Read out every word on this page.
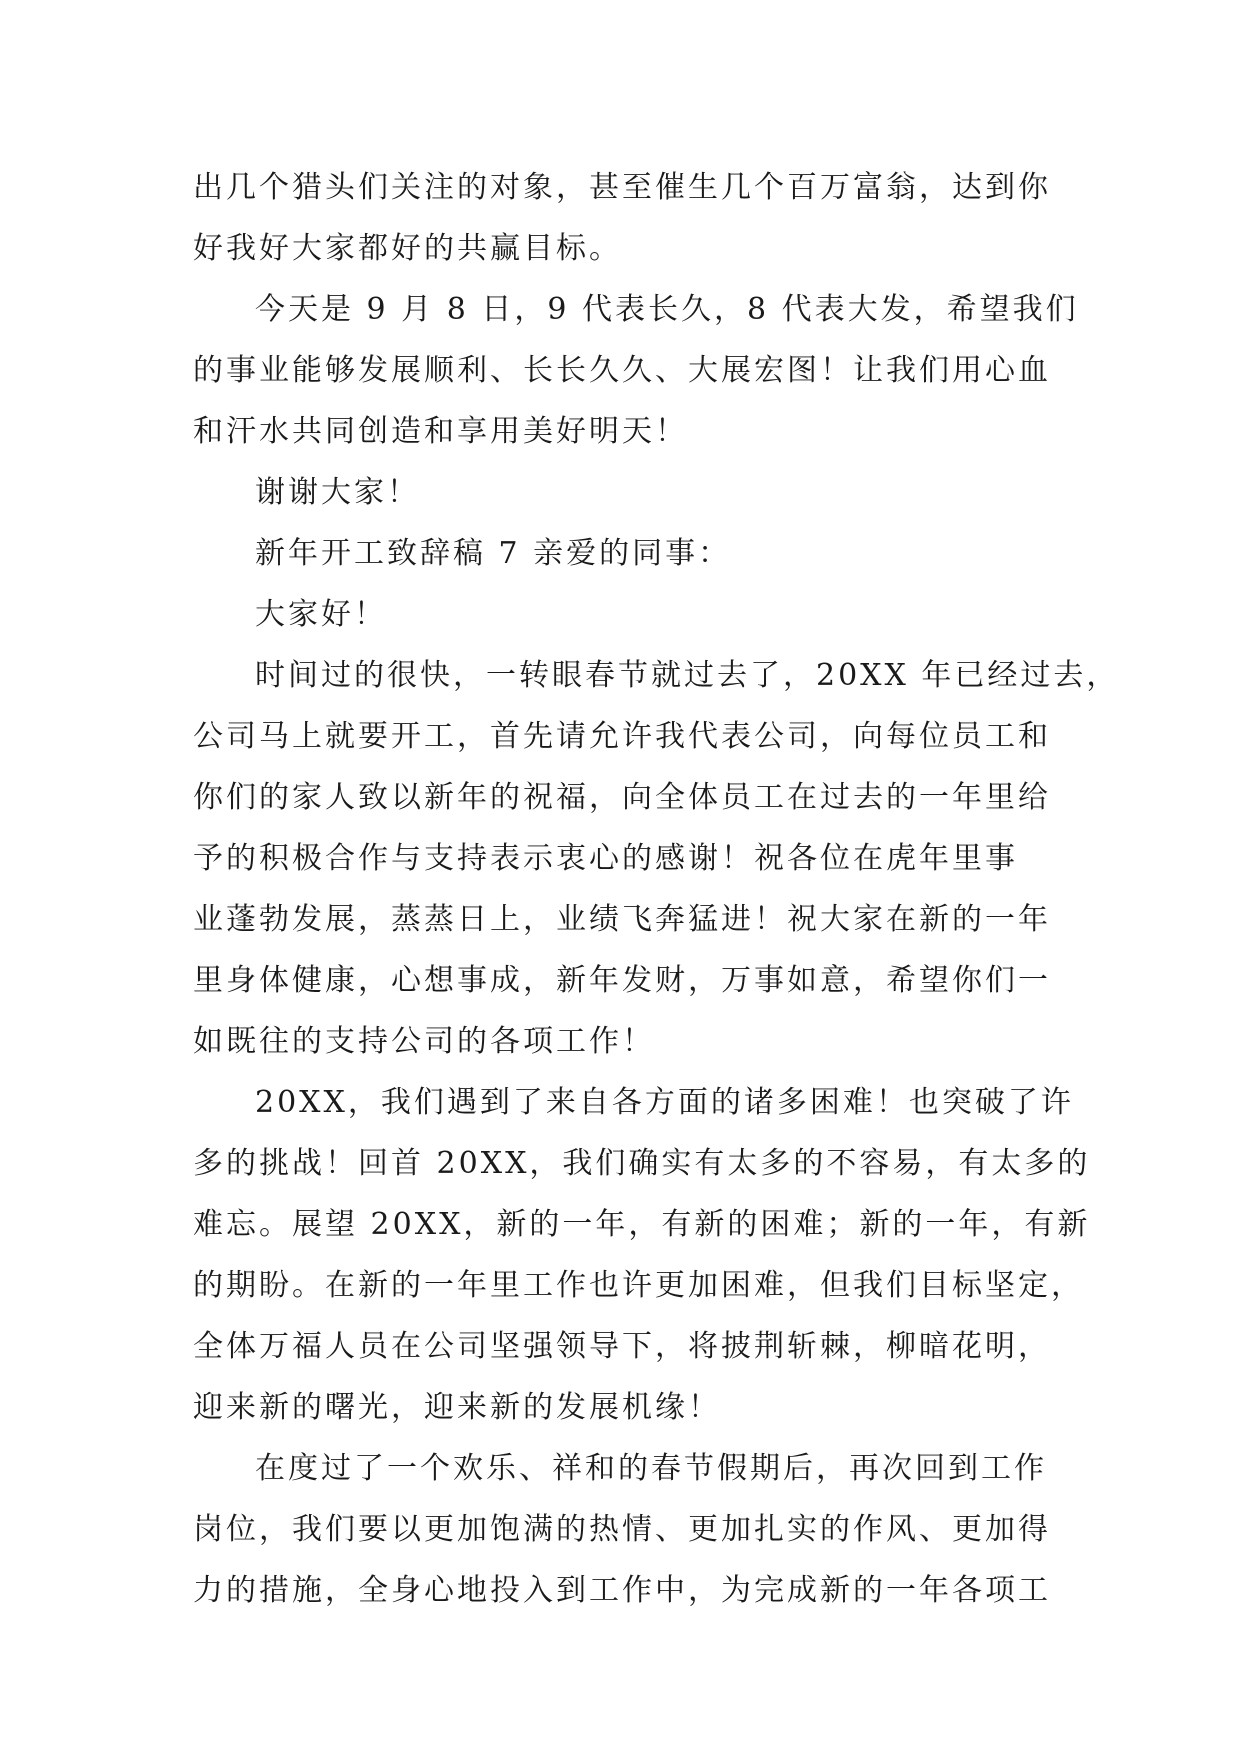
出几个猎头们关注的对象，甚至催生几个百万富翁，达到你
好我好大家都好的共赢目标。
今天是 9 月 8 日，9 代表长久，8 代表大发，希望我们
的事业能够发展顺利、长长久久、大展宏图！让我们用心血
和汗水共同创造和享用美好明天！
谢谢大家！
新年开工致辞稿 7 亲爱的同事：
大家好！
时间过的很快，一转眼春节就过去了，20XX 年已经过去，
公司马上就要开工，首先请允许我代表公司，向每位员工和
你们的家人致以新年的祝福，向全体员工在过去的一年里给
予的积极合作与支持表示衷心的感谢！祝各位在虎年里事
业蓬勃发展，蒸蒸日上，业绩飞奔猛进！祝大家在新的一年
里身体健康，心想事成，新年发财，万事如意，希望你们一
如既往的支持公司的各项工作！
20XX，我们遇到了来自各方面的诸多困难！也突破了许
多的挑战！回首 20XX，我们确实有太多的不容易，有太多的
难忘。展望 20XX，新的一年，有新的困难；新的一年，有新
的期盼。在新的一年里工作也许更加困难，但我们目标坚定，
全体万福人员在公司坚强领导下，将披荆斩棘，柳暗花明，
迎来新的曙光，迎来新的发展机缘！
在度过了一个欢乐、祥和的春节假期后，再次回到工作
岗位，我们要以更加饱满的热情、更加扎实的作风、更加得
力的措施，全身心地投入到工作中，为完成新的一年各项工
